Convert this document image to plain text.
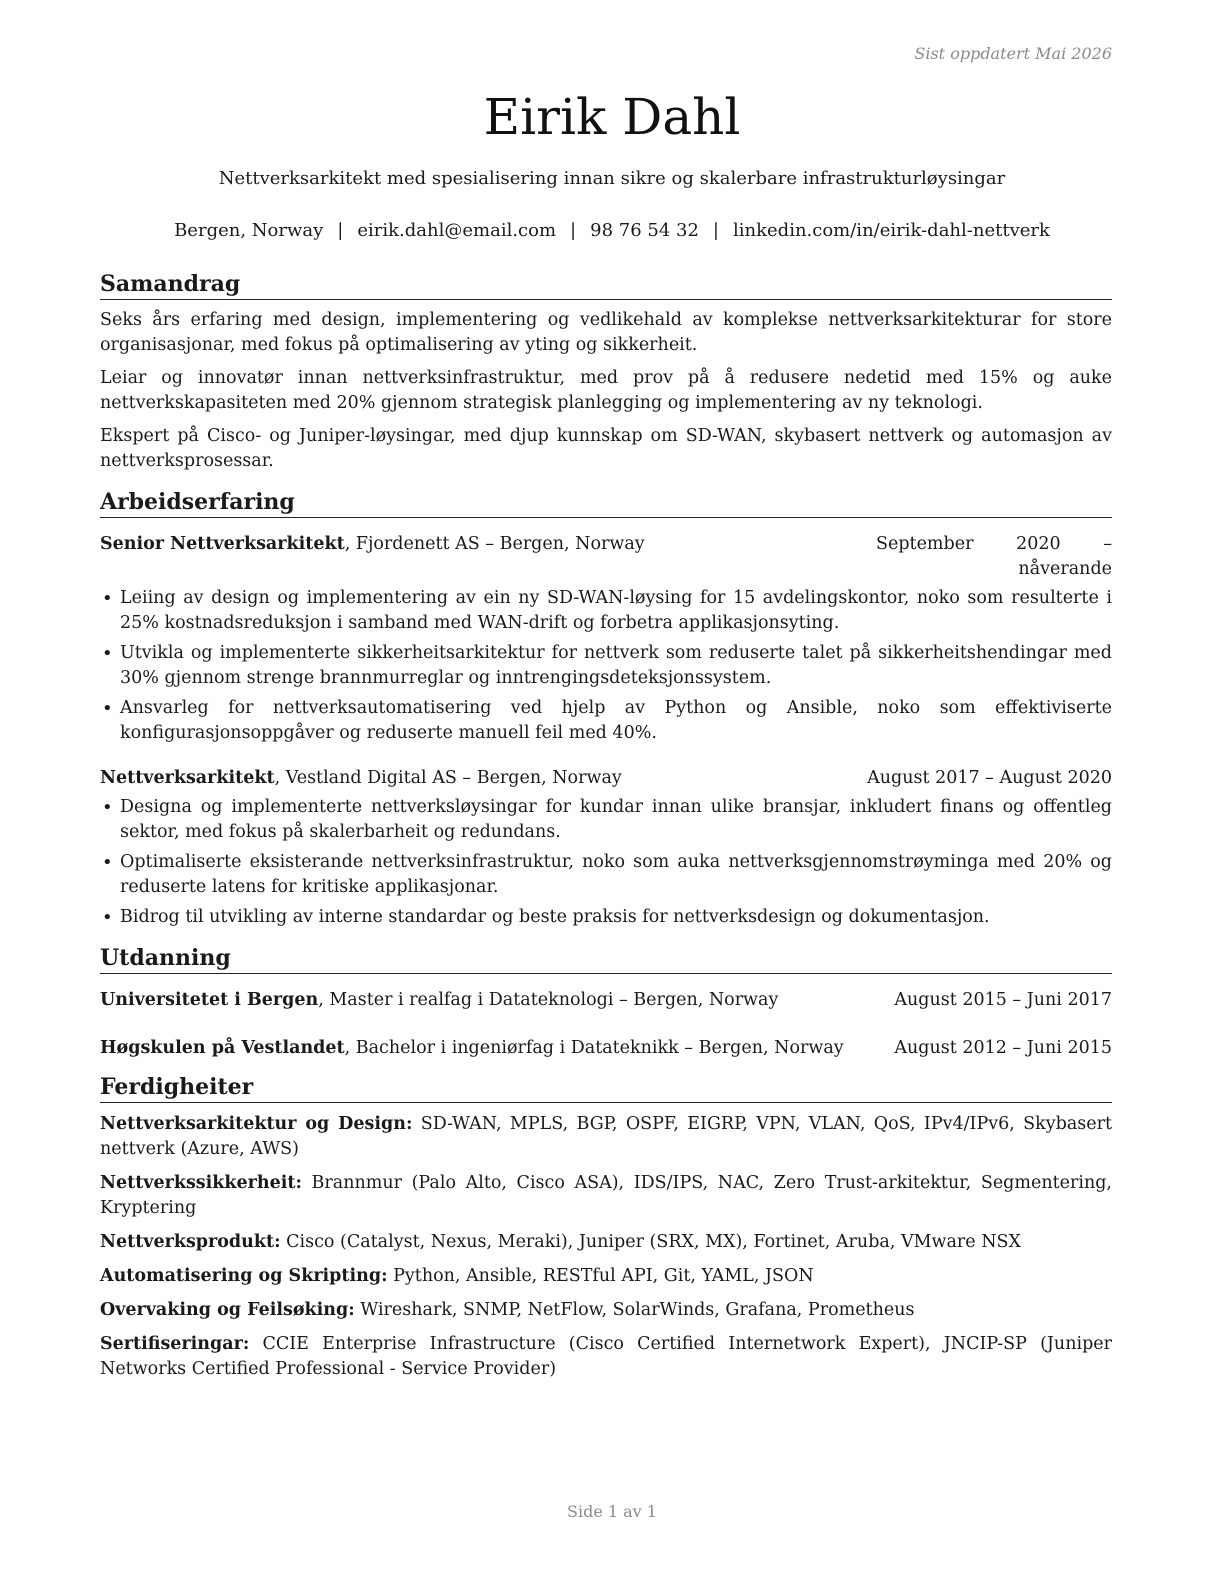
Sist oppdatert Mai 2026
Eirik Dahl
Nettverksarkitekt med spesialisering innan sikre og skalerbare infrastrukturløysingar
Bergen, Norway | eirik.dahl@email.com | 98 76 54 32 | linkedin.com/in/eirik-dahl-nettverk
Samandrag

Seks års erfaring med design, implementering og vedlikehald av komplekse nettverksarkitekturar for store organisasjonar, med fokus på optimalisering av yting og sikkerheit.

Leiar og innovatør innan nettverksinfrastruktur, med prov på å redusere nedetid med 15% og auke nettverkskapasiteten med 20% gjennom strategisk planlegging og implementering av ny teknologi.

Ekspert på Cisco- og Juniper-løysingar, med djup kunnskap om SD-WAN, skybasert nettverk og automasjon av nettverksprosessar.

Arbeidserfaring
Senior Nettverksarkitekt, Fjordenett AS – Bergen, Norway	September 2020 – nåverande
• Leiing av design og implementering av ein ny SD-WAN-løysing for 15 avdelingskontor, noko som resulterte i 25% kostnadsreduksjon i samband med WAN-drift og forbetra applikasjonsyting.
• Utvikla og implementerte sikkerheitsarkitektur for nettverk som reduserte talet på sikkerheitshendingar med 30% gjennom strenge brannmurreglar og inntrengingsdeteksjonssystem.
• Ansvarleg for nettverksautomatisering ved hjelp av Python og Ansible, noko som effektiviserte konfigurasjonsoppgåver og reduserte manuell feil med 40%.
Nettverksarkitekt, Vestland Digital AS – Bergen, Norway	August 2017 – August 2020
• Designa og implementerte nettverksløysingar for kundar innan ulike bransjar, inkludert finans og offentleg sektor, med fokus på skalerbarheit og redundans.
• Optimaliserte eksisterande nettverksinfrastruktur, noko som auka nettverksgjennomstrøyminga med 20% og reduserte latens for kritiske applikasjonar.
• Bidrog til utvikling av interne standardar og beste praksis for nettverksdesign og dokumentasjon.
Utdanning
Universitetet i Bergen, Master i realfag i Datateknologi – Bergen, Norway	August 2015 – Juni 2017
Høgskulen på Vestlandet, Bachelor i ingeniørfag i Datateknikk – Bergen, Norway	August 2012 – Juni 2015
Ferdigheiter
Nettverksarkitektur og Design: SD-WAN, MPLS, BGP, OSPF, EIGRP, VPN, VLAN, QoS, IPv4/IPv6, Skybasert nettverk (Azure, AWS)
Nettverkssikkerheit: Brannmur (Palo Alto, Cisco ASA), IDS/IPS, NAC, Zero Trust-arkitektur, Segmentering, Kryptering
Nettverksprodukt: Cisco (Catalyst, Nexus, Meraki), Juniper (SRX, MX), Fortinet, Aruba, VMware NSX
Automatisering og Skripting: Python, Ansible, RESTful API, Git, YAML, JSON
Overvaking og Feilsøking: Wireshark, SNMP, NetFlow, SolarWinds, Grafana, Prometheus
Sertifiseringar: CCIE Enterprise Infrastructure (Cisco Certified Internetwork Expert), JNCIP-SP (Juniper Networks Certified Professional - Service Provider)
Side 1 av 1
